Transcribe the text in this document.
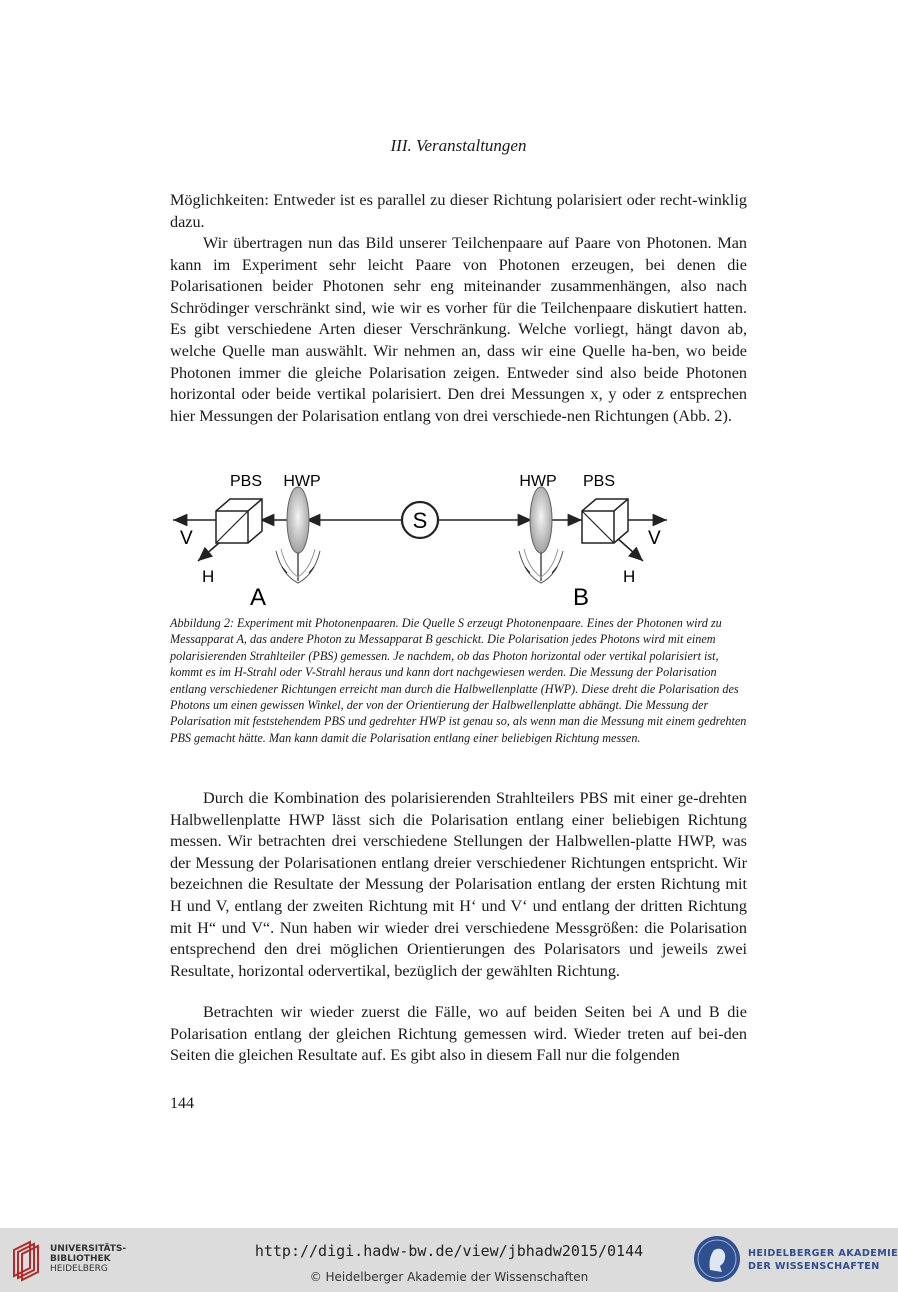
III. Veranstaltungen

Möglichkeiten: Entweder ist es parallel zu dieser Richtung polarisiert oder recht-winklig dazu.

Wir übertragen nun das Bild unserer Teilchenpaare auf Paare von Photonen. Man kann im Experiment sehr leicht Paare von Photonen erzeugen, bei denen die Polarisationen beider Photonen sehr eng miteinander zusammenhängen, also nach Schrödinger verschränkt sind, wie wir es vorher für die Teilchenpaare diskutiert hatten. Es gibt verschiedene Arten dieser Verschränkung. Welche vorliegt, hängt davon ab, welche Quelle man auswählt. Wir nehmen an, dass wir eine Quelle ha-ben, wo beide Photonen immer die gleiche Polarisation zeigen. Entweder sind also beide Photonen horizontal oder beide vertikal polarisiert. Den drei Messungen x, y oder z entsprechen hier Messungen der Polarisation entlang von drei verschiede-nen Richtungen (Abb. 2).

S
PBS HWP	HWP PBS
V
H
V
H
A	B

Abbildung 2: Experiment mit Photonenpaaren. Die Quelle S erzeugt Photonenpaare. Eines der Photonen wird zu Messapparat A, das andere Photon zu Messapparat B geschickt. Die Polarisation jedes Photons wird mit einem polarisierenden Strahlteiler (PBS) gemessen. Je nachdem, ob das Photon horizontal oder vertikal polarisiert ist, kommt es im H-Strahl oder V-Strahl heraus und kann dort nachgewiesen werden. Die Messung der Polarisation entlang verschiedener Richtungen erreicht man durch die Halbwellenplatte (HWP). Diese dreht die Polarisation des Photons um einen gewissen Winkel, der von der Orientierung der Halbwellenplatte abhängt. Die Messung der Polarisation mit feststehendem PBS und gedrehter HWP ist genau so, als wenn man die Messung mit einem gedrehten PBS gemacht hätte. Man kann damit die Polarisation entlang einer beliebigen Richtung messen.

Durch die Kombination des polarisierenden Strahlteilers PBS mit einer ge-drehten Halbwellenplatte HWP lässt sich die Polarisation entlang einer beliebigen Richtung messen. Wir betrachten drei verschiedene Stellungen der Halbwellen-platte HWP, was der Messung der Polarisationen entlang dreier verschiedener Richtungen entspricht. Wir bezeichnen die Resultate der Messung der Polarisation entlang der ersten Richtung mit H und V, entlang der zweiten Richtung mit H‘ und V‘ und entlang der dritten Richtung mit H“ und V“. Nun haben wir wieder drei verschiedene Messgrößen: die Polarisation entsprechend den drei möglichen Orientierungen des Polarisators und jeweils zwei Resultate, horizontal odervertikal, bezüglich der gewählten Richtung.

Betrachten wir wieder zuerst die Fälle, wo auf beiden Seiten bei A und B die Polarisation entlang der gleichen Richtung gemessen wird. Wieder treten auf bei-den Seiten die gleichen Resultate auf. Es gibt also in diesem Fall nur die folgenden

144
UNIVERSITÄTS-
BIBLIOTHEK
HEIDELBERG
http://digi.hadw-bw.de/view/jbhadw2015/0144
© Heidelberger Akademie der Wissenschaften
HEIDELBERGER AKADEMIE
DER WISSENSCHAFTEN
